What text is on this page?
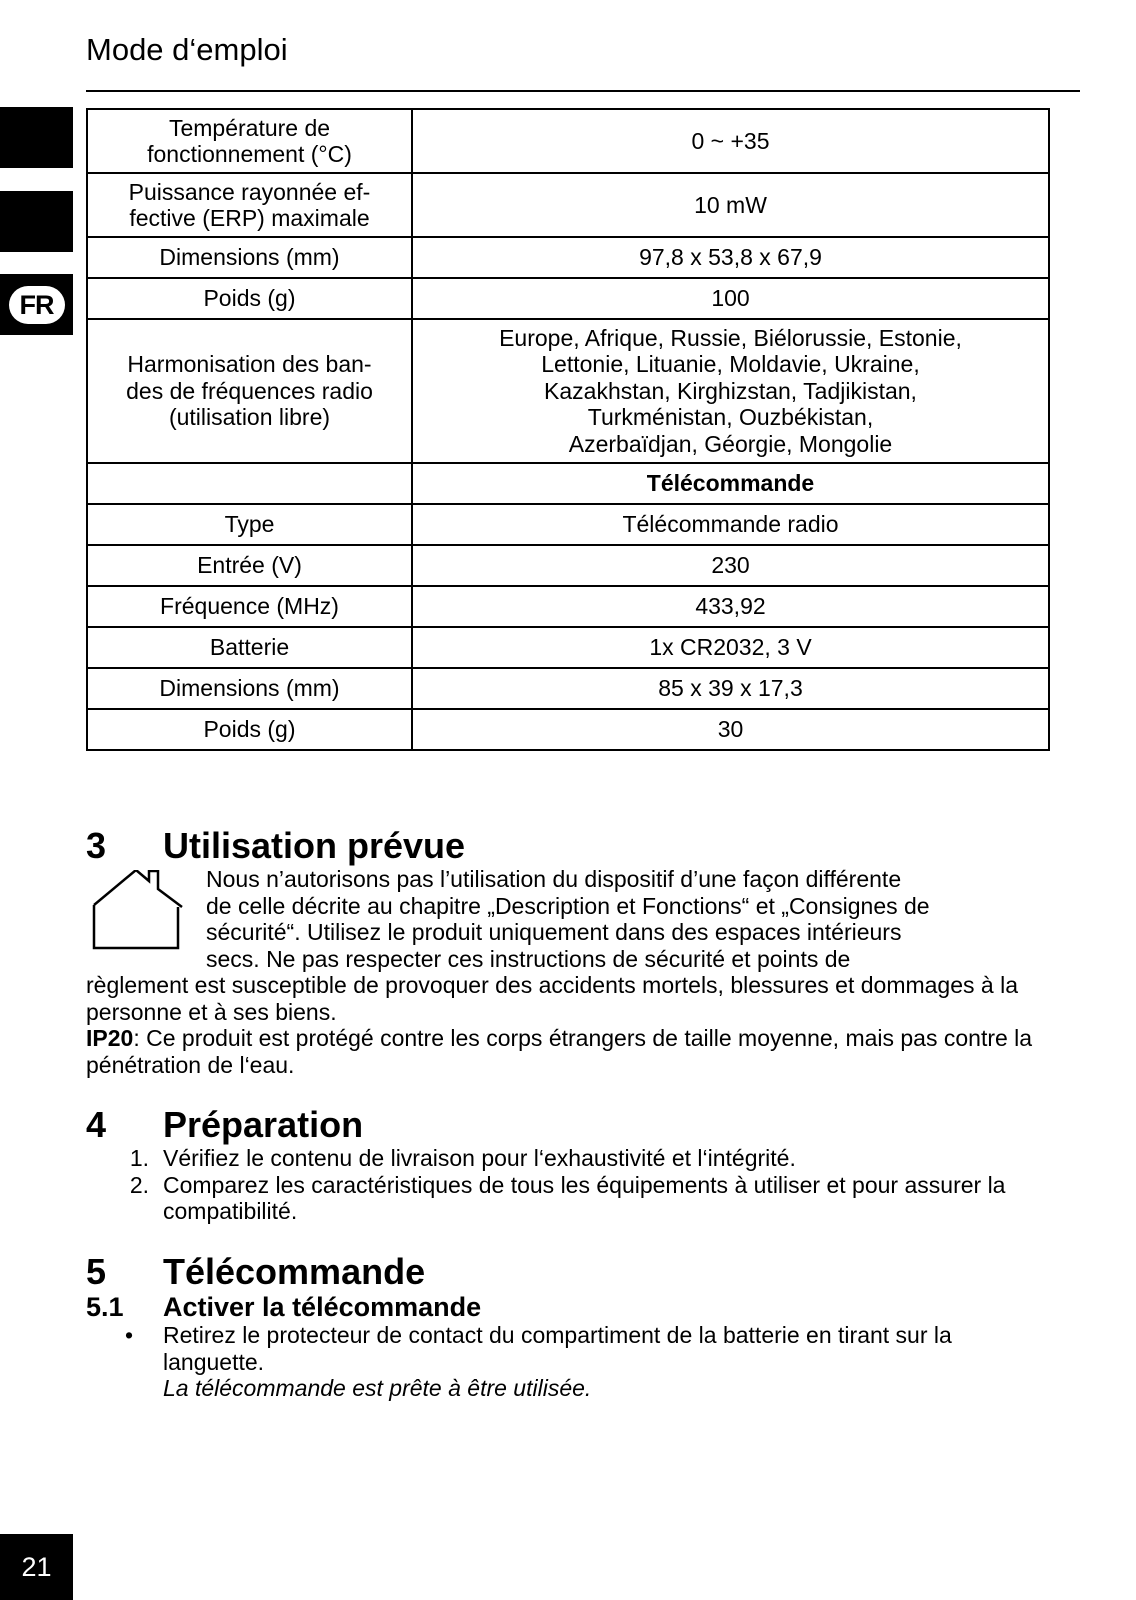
Mode d‘emploi
FR
Température de
fonctionnement (°C)	0 ~ +35
Puissance rayonnée ef-
fective (ERP) maximale	10 mW
Dimensions (mm)	97,8 x 53,8 x 67,9
Poids (g)	100
Harmonisation des ban-
des de fréquences radio
(utilisation libre)	Europe, Afrique, Russie, Biélorussie, Estonie,
Lettonie, Lituanie, Moldavie, Ukraine,
Kazakhstan, Kirghizstan, Tadjikistan,
Turkménistan, Ouzbékistan,
Azerbaïdjan, Géorgie, Mongolie
	Télécommande
Type	Télécommande radio
Entrée (V)	230
Fréquence (MHz)	433,92
Batterie	1x CR2032, 3 V
Dimensions (mm)	85 x 39 x 17,3
Poids (g)	30
3	Utilisation prévue
Nous n’autorisons pas l’utilisation du dispositif d’une façon différente
de celle décrite au chapitre „Description et Fonctions“ et „Consignes de
sécurité“. Utilisez le produit uniquement dans des espaces intérieurs
secs. Ne pas respecter ces instructions de sécurité et points de
règlement est susceptible de provoquer des accidents mortels, blessures et dommages à la personne et à ses biens.
IP20: Ce produit est protégé contre les corps étrangers de taille moyenne, mais pas contre la pénétration de l‘eau.
4	Préparation
1. Vérifiez le contenu de livraison pour l‘exhaustivité et l‘intégrité.
2. Comparez les caractéristiques de tous les équipements à utiliser et pour assurer la compatibilité.
5	Télécommande
5.1	Activer la télécommande
•	Retirez le protecteur de contact du compartiment de la batterie en tirant sur la languette.
La télécommande est prête à être utilisée.
21
